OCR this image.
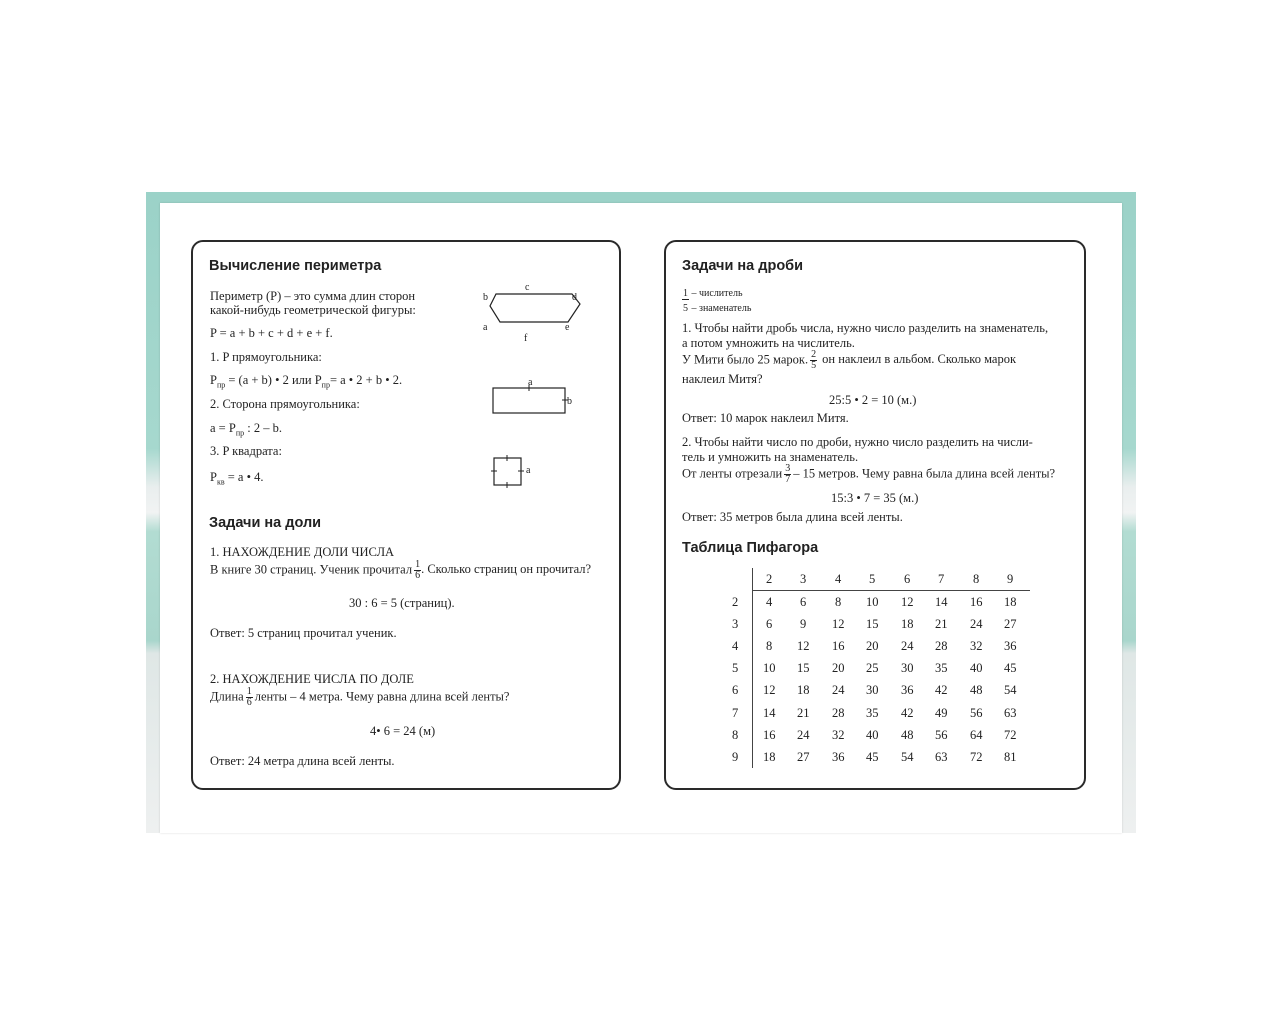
Вычисление периметра
Периметр (P) – это сумма длин сторон
какой-нибудь геометрической фигуры:
P = a + b + c + d + e + f.
1. P прямоугольника:
$P_{пр} = (a + b)$ • 2 или $P_{пр}= a$ • 2 + b • 2.
2. Сторона прямоугольника:
$a = P_{пр}$ : 2 – b.
3. P квадрата:
$P_{кв} = a$ • 4.
c
b	d
a	e
f
a
b
a
Задачи на доли
1. НАХОЖДЕНИЕ ДОЛИ ЧИСЛА
В книге 30 страниц. Ученик прочитал $\frac{1}{6}$ . Сколько страниц он прочитал?
30 : 6 = 5 (страниц).
Ответ: 5 страниц прочитал ученик.
2. НАХОЖДЕНИЕ ЧИСЛА ПО ДОЛЕ
Длина $\frac{1}{6}$ ленты – 4 метра. Чему равна длина всей ленты?
4• 6 = 24 (м)
Ответ: 24 метра длина всей ленты.
Задачи на дроби
1 – числитель
5 – знаменатель
1. Чтобы найти дробь числа, нужно число разделить на знаменатель,
а потом умножить на числитель.
У Мити было 25 марок. $\frac{2}{5}$ он наклеил в альбом. Сколько марок
наклеил Митя?
25:5 • 2 = 10 (м.)
Ответ: 10 марок наклеил Митя.
2. Чтобы найти число по дроби, нужно число разделить на числи-
тель и умножить на знаменатель.
От ленты отрезали $\frac{3}{7} - 15$ метров. Чему равна была длина всей ленты?
15:3 • 7 = 35 (м.)
Ответ: 35 метров была длина всей ленты.
Таблица Пифагора
2 3 4 5 6 7 8 9
2 4 6 8 10 12 14 16 18
3 6 9 12 15 18 21 24 27
4 8 12 16 20 24 28 32 36
5 10 15 20 25 30 35 40 45
6 12 18 24 30 36 42 48 54
7 14 21 28 35 42 49 56 63
8 16 24 32 40 48 56 64 72
9 18 27 36 45 54 63 72 81
